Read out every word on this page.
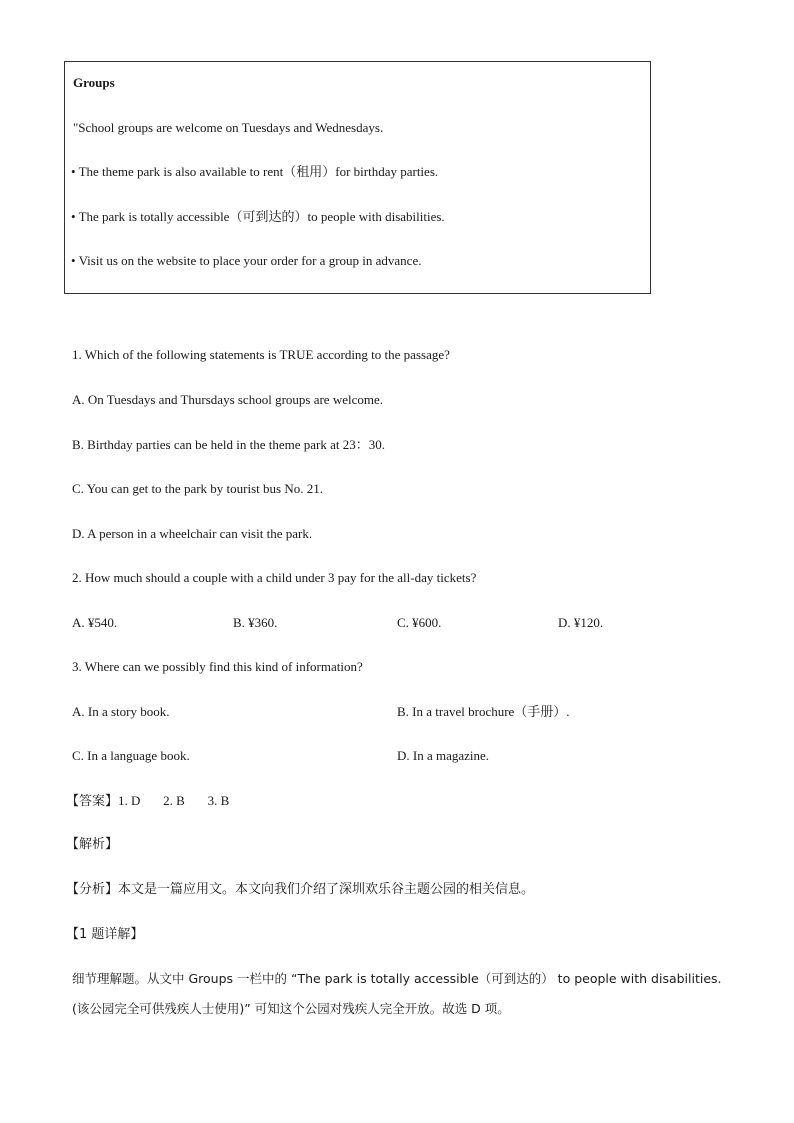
Groups
"School groups are welcome on Tuesdays and Wednesdays.
• The theme park is also available to rent（租用）for birthday parties.
• The park is totally accessible（可到达的）to people with disabilities.
• Visit us on the website to place your order for a group in advance.
1. Which of the following statements is TRUE according to the passage?
A. On Tuesdays and Thursdays school groups are welcome.
B. Birthday parties can be held in the theme park at 23：30.
C. You can get to the park by tourist bus No. 21.
D. A person in a wheelchair can visit the park.
2. How much should a couple with a child under 3 pay for the all-day tickets?
A. ¥540.	B. ¥360.	C. ¥600.	D. ¥120.
3. Where can we possibly find this kind of information?
A. In a story book.	B. In a travel brochure（手册）.
C. In a language book.	D. In a magazine.
【答案】1. D       2. B       3. B
【解析】
【分析】本文是一篇应用文。本文向我们介绍了深圳欢乐谷主题公园的相关信息。
【1 题详解】
细节理解题。从文中 Groups 一栏中的 “The park is totally accessible（可到达的） to people with disabilities.
(该公园完全可供残疾人士使用)” 可知这个公园对残疾人完全开放。故选 D 项。
